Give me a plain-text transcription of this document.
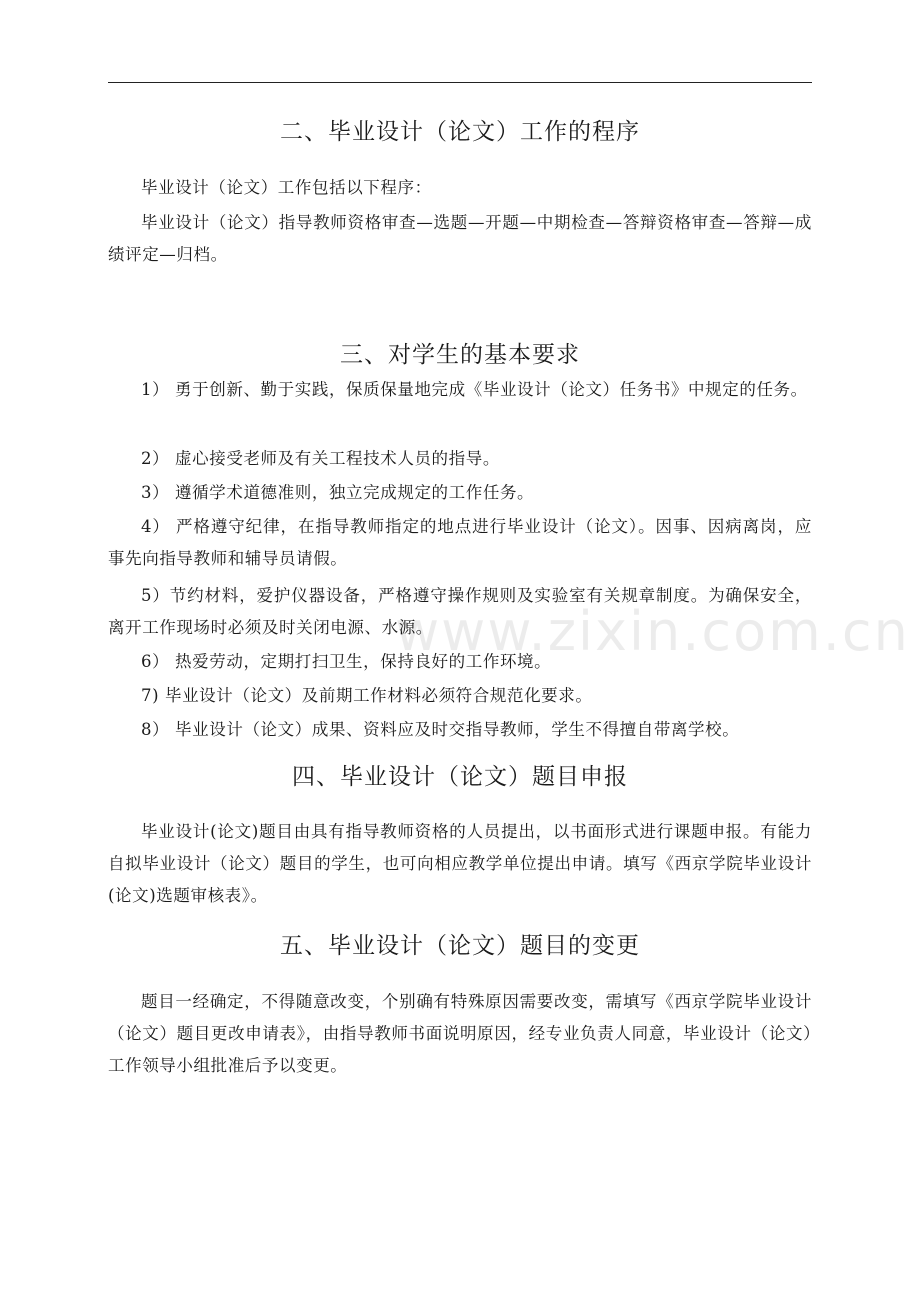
二、毕业设计（论文）工作的程序

毕业设计（论文）工作包括以下程序：

毕业设计（论文）指导教师资格审查—选题—开题—中期检查—答辩资格审查—答辩—成绩评定—归档。

三、对学生的基本要求

1） 勇于创新、勤于实践，保质保量地完成《毕业设计（论文）任务书》中规定的任务。

2） 虚心接受老师及有关工程技术人员的指导。

3） 遵循学术道德准则，独立完成规定的工作任务。

4） 严格遵守纪律，在指导教师指定的地点进行毕业设计（论文）。因事、因病离岗，应事先向指导教师和辅导员请假。

5）节约材料，爱护仪器设备，严格遵守操作规则及实验室有关规章制度。为确保安全，离开工作现场时必须及时关闭电源、水源。

6） 热爱劳动，定期打扫卫生，保持良好的工作环境。

7) 毕业设计（论文）及前期工作材料必须符合规范化要求。

8） 毕业设计（论文）成果、资料应及时交指导教师，学生不得擅自带离学校。

四、毕业设计（论文）题目申报

毕业设计(论文)题目由具有指导教师资格的人员提出，以书面形式进行课题申报。有能力自拟毕业设计（论文）题目的学生，也可向相应教学单位提出申请。填写《西京学院毕业设计(论文)选题审核表》。

五、毕业设计（论文）题目的变更

题目一经确定，不得随意改变，个别确有特殊原因需要改变，需填写《西京学院毕业设计（论文）题目更改申请表》，由指导教师书面说明原因，经专业负责人同意，毕业设计（论文）工作领导小组批准后予以变更。

www.zixin.com.cn
